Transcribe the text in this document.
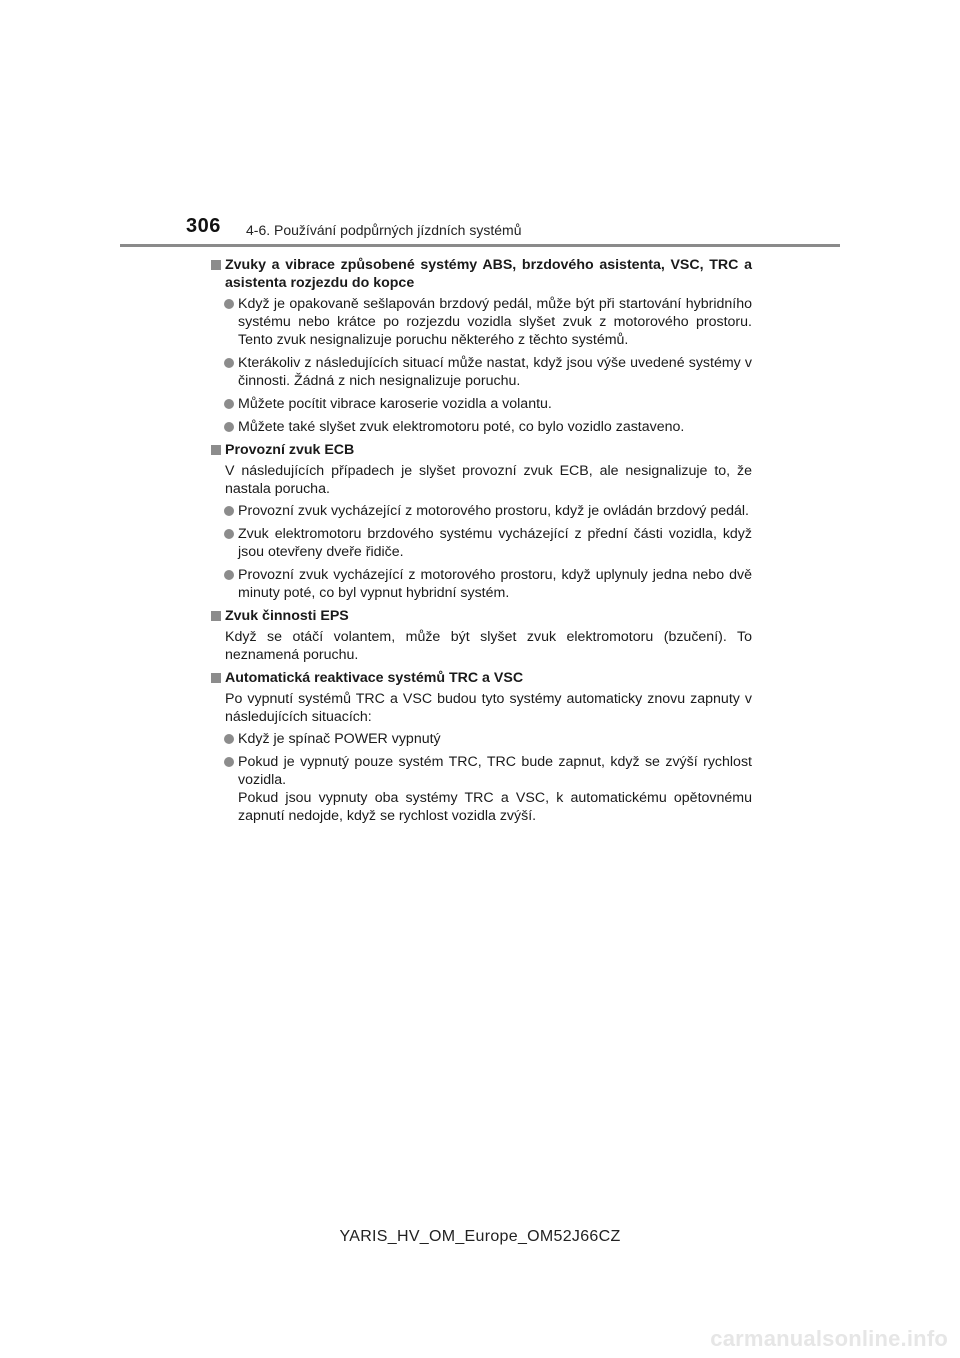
306 4-6. Používání podpůrných jízdních systémů
Zvuky a vibrace způsobené systémy ABS, brzdového asistenta, VSC, TRC a asistenta rozjezdu do kopce
Když je opakovaně sešlapován brzdový pedál, může být při startování hybridního systému nebo krátce po rozjezdu vozidla slyšet zvuk z motorového prostoru. Tento zvuk nesignalizuje poruchu některého z těchto systémů.
Kterákoliv z následujících situací může nastat, když jsou výše uvedené systémy v činnosti. Žádná z nich nesignalizuje poruchu.
Můžete pocítit vibrace karoserie vozidla a volantu.
Můžete také slyšet zvuk elektromotoru poté, co bylo vozidlo zastaveno.
Provozní zvuk ECB
V následujících případech je slyšet provozní zvuk ECB, ale nesignalizuje to, že nastala porucha.
Provozní zvuk vycházející z motorového prostoru, když je ovládán brzdový pedál.
Zvuk elektromotoru brzdového systému vycházející z přední části vozidla, když jsou otevřeny dveře řidiče.
Provozní zvuk vycházející z motorového prostoru, když uplynuly jedna nebo dvě minuty poté, co byl vypnut hybridní systém.
Zvuk činnosti EPS
Když se otáčí volantem, může být slyšet zvuk elektromotoru (bzučení). To neznamená poruchu.
Automatická reaktivace systémů TRC a VSC
Po vypnutí systémů TRC a VSC budou tyto systémy automaticky znovu zapnuty v následujících situacích:
Když je spínač POWER vypnutý

Pokud je vypnutý pouze systém TRC, TRC bude zapnut, když se zvýší rychlost vozidla.

Pokud jsou vypnuty oba systémy TRC a VSC, k automatickému opětovnému zapnutí nedojde, když se rychlost vozidla zvýší.

YARIS_HV_OM_Europe_OM52J66CZ
carmanualsonline.info
